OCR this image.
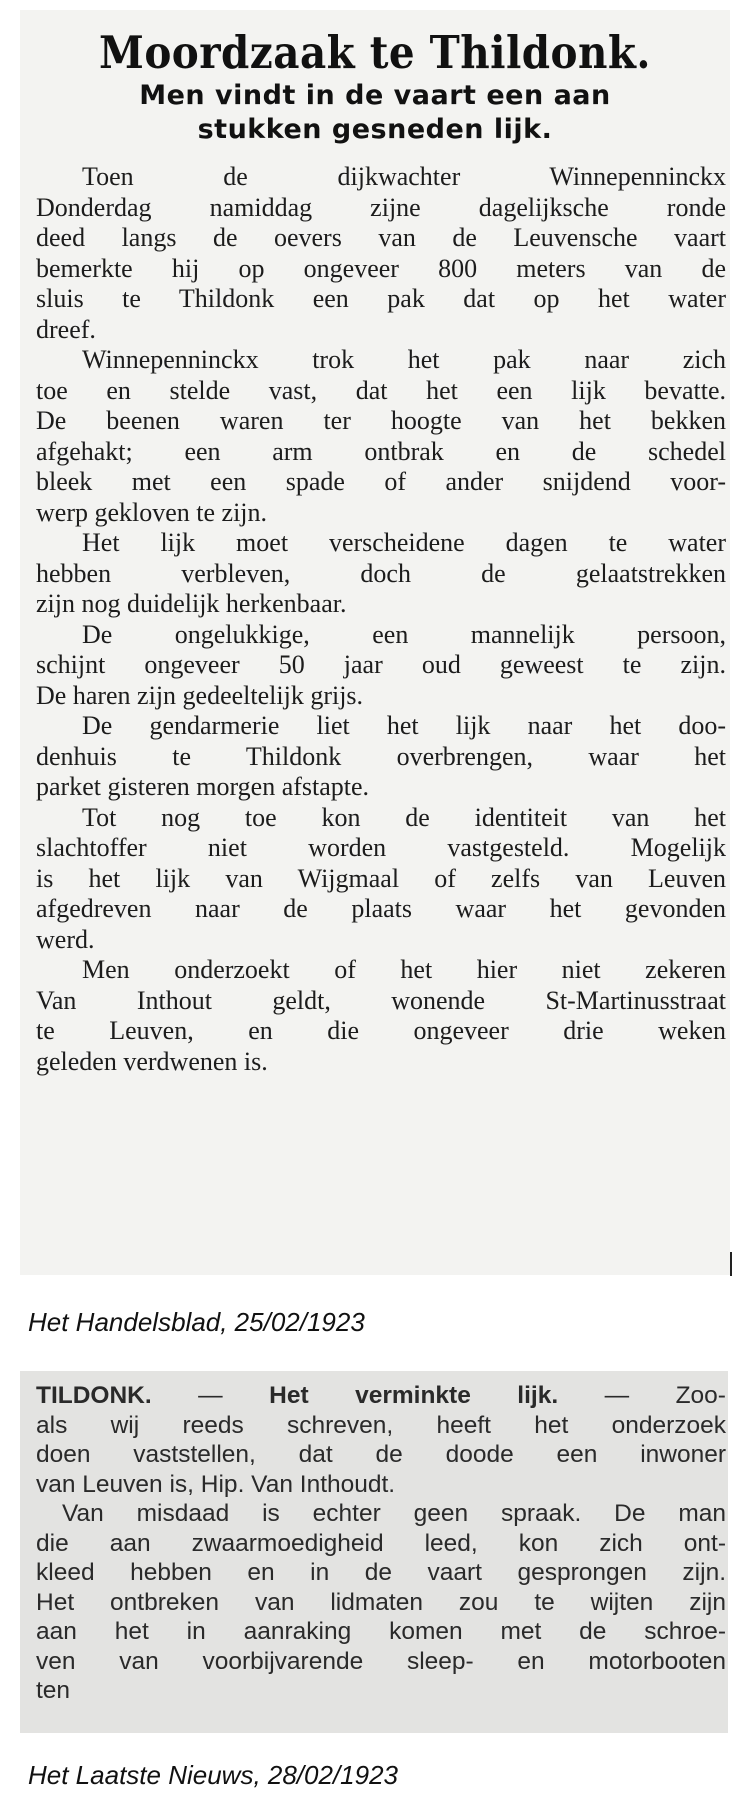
Moordzaak te Thildonk.
Men vindt in de vaart een aan
stukken gesneden lijk.
Toen de dijkwachter Winnepenninckx
Donderdag namiddag zijne dagelijksche ronde
deed langs de oevers van de Leuvensche vaart
bemerkte hij op ongeveer 800 meters van de
sluis te Thildonk een pak dat op het water
dreef.
Winnepenninckx trok het pak naar zich
toe en stelde vast, dat het een lijk bevatte.
De beenen waren ter hoogte van het bekken
afgehakt; een arm ontbrak en de schedel
bleek met een spade of ander snijdend voor-
werp gekloven te zijn.
Het lijk moet verscheidene dagen te water
hebben verbleven, doch de gelaatstrekken
zijn nog duidelijk herkenbaar.
De ongelukkige, een mannelijk persoon,
schijnt ongeveer 50 jaar oud geweest te zijn.
De haren zijn gedeeltelijk grijs.
De gendarmerie liet het lijk naar het doo-
denhuis te Thildonk overbrengen, waar het
parket gisteren morgen afstapte.
Tot nog toe kon de identiteit van het
slachtoffer niet worden vastgesteld. Mogelijk
is het lijk van Wijgmaal of zelfs van Leuven
afgedreven naar de plaats waar het gevonden
werd.
Men onderzoekt of het hier niet zekeren
Van Inthout geldt, wonende St-Martinusstraat
te Leuven, en die ongeveer drie weken
geleden verdwenen is.
Het Handelsblad, 25/02/1923
TILDONK. — Het verminkte lijk. — Zoo-
als wij reeds schreven, heeft het onderzoek
doen vaststellen, dat de doode een inwoner
van Leuven is, Hip. Van Inthoudt.
Van misdaad is echter geen spraak. De man
die aan zwaarmoedigheid leed, kon zich ont-
kleed hebben en in de vaart gesprongen zijn.
Het ontbreken van lidmaten zou te wijten zijn
aan het in aanraking komen met de schroe-
ven van voorbijvarende sleep- en motorbooten
ten
Het Laatste Nieuws, 28/02/1923
